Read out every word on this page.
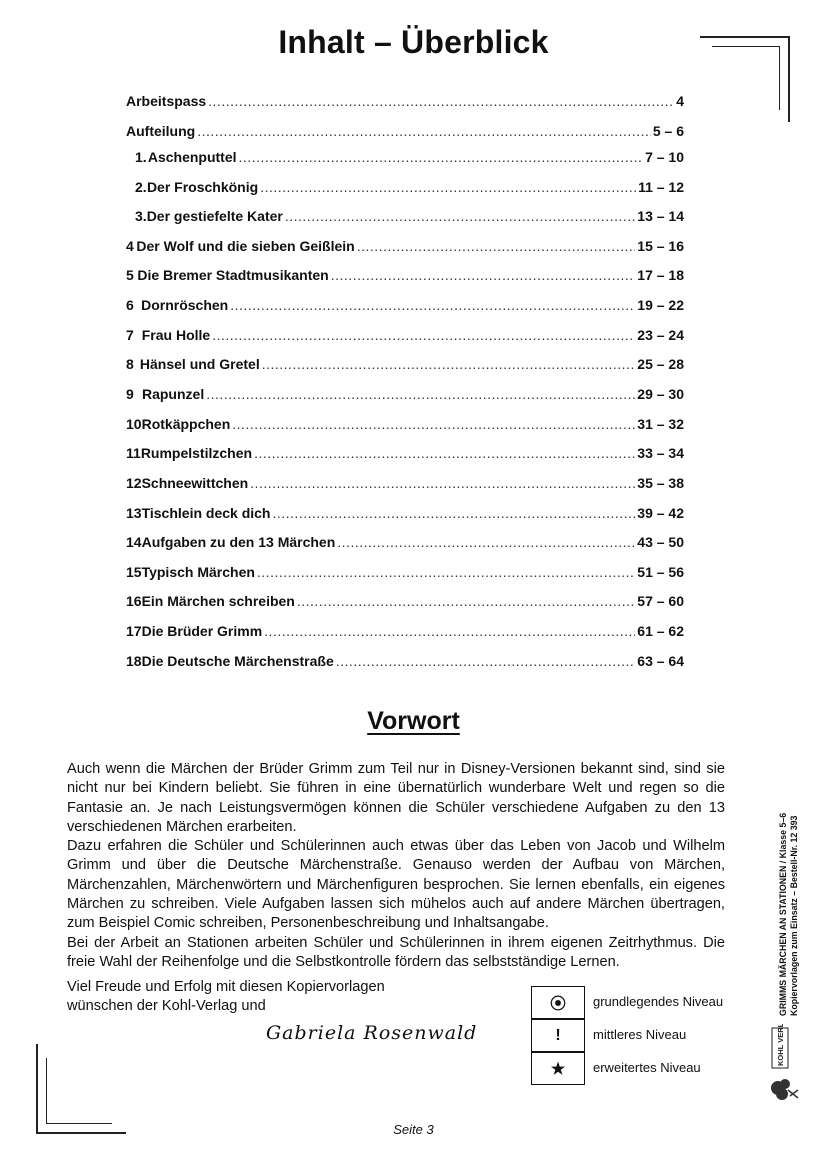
Inhalt – Überblick
Arbeitspass .....	4
Aufteilung .....	5 – 6
1. Aschenputtel .....	7 – 10
2. Der Froschkönig .....	11 – 12
3. Der gestiefelte Kater .....	13 – 14
4 Der Wolf und die sieben Geißlein .....	15 – 16
5 Die Bremer Stadtmusikanten .....	17 – 18
6 Dornröschen .....	19 – 22
7 Frau Holle .....	23 – 24
8 Hänsel und Gretel .....	25 – 28
9 Rapunzel .....	29 – 30
10 Rotkäppchen .....	31 – 32
11 Rumpelstilzchen .....	33 – 34
12 Schneewittchen .....	35 – 38
13 Tischlein deck dich .....	39 – 42
14 Aufgaben zu den 13 Märchen .....	43 – 50
15 Typisch Märchen .....	51 – 56
16 Ein Märchen schreiben .....	57 – 60
17 Die Brüder Grimm .....	61 – 62
18 Die Deutsche Märchenstraße .....	63 – 64
Vorwort

Auch wenn die Märchen der Brüder Grimm zum Teil nur in Disney-Versionen bekannt sind, sind sie nicht nur bei Kindern beliebt. Sie führen in eine übernatürlich wunderbare Welt und regen so die Fantasie an. Je nach Leistungsvermögen können die Schüler verschiedene Aufgaben zu den 13 verschiedenen Märchen erarbeiten.

Dazu erfahren die Schüler und Schülerinnen auch etwas über das Leben von Jacob und Wilhelm Grimm und über die Deutsche Märchenstraße. Genauso werden der Aufbau von Märchen, Märchenzahlen, Märchenwörtern und Märchenfiguren besprochen. Sie lernen ebenfalls, ein eigenes Märchen zu schreiben. Viele Aufgaben lassen sich mühelos auch auf andere Märchen übertragen, zum Beispiel Comic schreiben, Personenbeschreibung und Inhaltsangabe.

Bei der Arbeit an Stationen arbeiten Schüler und Schülerinnen in ihrem eigenen Zeitrhythmus. Die freie Wahl der Reihenfolge und die Selbstkontrolle fördern das selbstständige Lernen.

Viel Freude und Erfolg mit diesen Kopiervorlagen
wünschen der Kohl-Verlag und
Gabriela Rosenwald
⦿	grundlegendes Niveau
!	mittleres Niveau
★	erweitertes Niveau
GRIMMS MÄRCHEN AN STATIONEN / Klasse 5–6 Kopiervorlagen zum Einsatz – Bestell-Nr. 12 393
KOHL VERLAG
Seite 3
